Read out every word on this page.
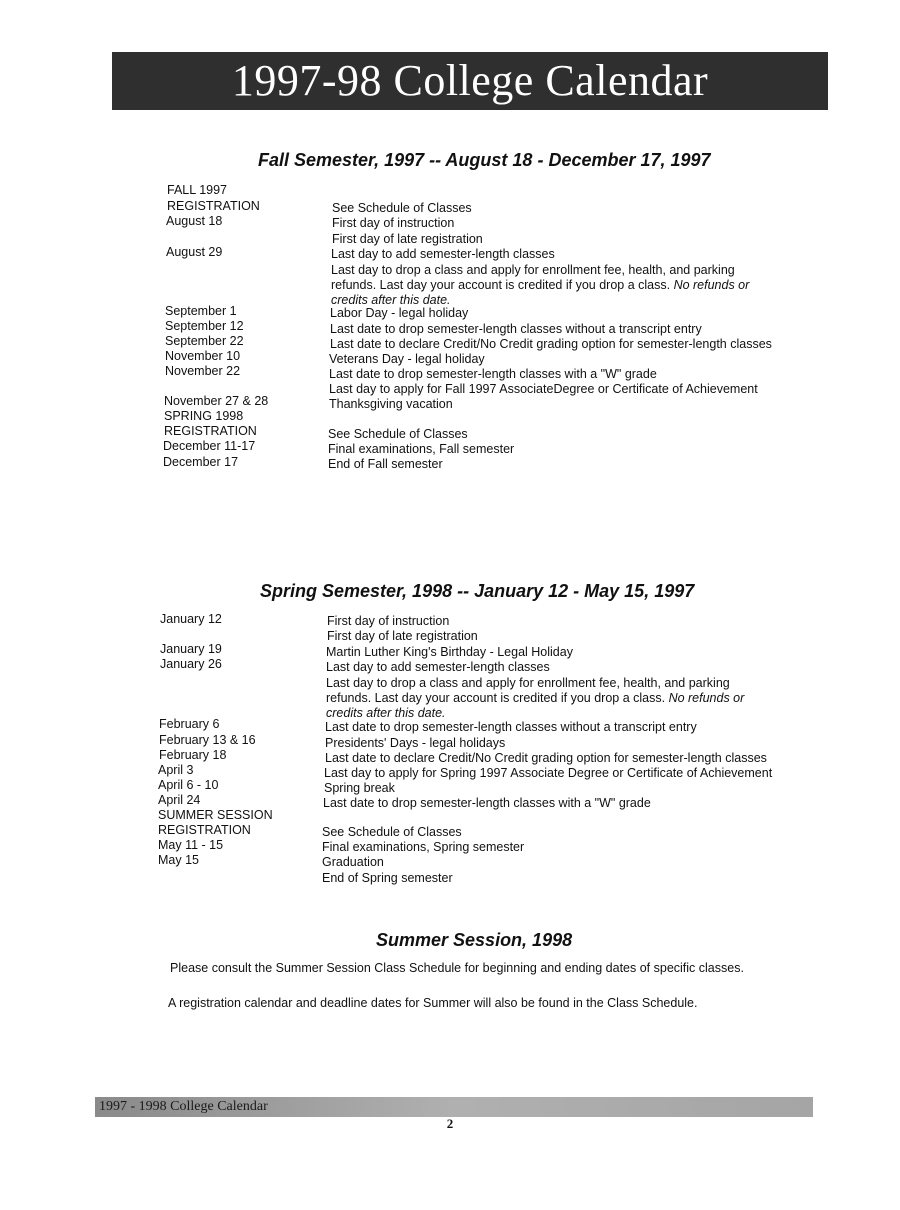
1997-98 College Calendar
Fall Semester, 1997 -- August 18 - December 17, 1997
FALL 1997
REGISTRATION
August 18
August 29
September 1
September 12
September 22
November 10
November 22
November 27 & 28
SPRING 1998
REGISTRATION
December 11-17
December 17
See Schedule of Classes
First day of instruction
First day of late registration
Last day to add semester-length classes
Last day to drop a class and apply for enrollment fee, health, and parking refunds. Last day your account is credited if you drop a class. No refunds or credits after this date.
Labor Day - legal holiday
Last date to drop semester-length classes without a transcript entry
Last date to declare Credit/No Credit grading option for semester-length classes
Veterans Day - legal holiday
Last date to drop semester-length classes with a "W" grade
Last day to apply for Fall 1997 AssociateDegree or Certificate of Achievement
Thanksgiving vacation
See Schedule of Classes
Final examinations, Fall semester
End of Fall semester
Spring Semester, 1998 -- January 12 - May 15, 1997
January 12
January 19
January 26
February 6
February 13 & 16
February 18
April 3
April 6 - 10
April 24
SUMMER SESSION
REGISTRATION
May 11 - 15
May 15
First day of instruction
First day of late registration
Martin Luther King's Birthday - Legal Holiday
Last day to add semester-length classes
Last day to drop a class and apply for enrollment fee, health, and parking refunds. Last day your account is credited if you drop a class. No refunds or credits after this date.
Last date to drop semester-length classes without a transcript entry
Presidents' Days - legal holidays
Last date to declare Credit/No Credit grading option for semester-length classes
Last day to apply for Spring 1997 Associate Degree or Certificate of Achievement
Spring break
Last date to drop semester-length classes with a "W" grade
See Schedule of Classes
Final examinations, Spring semester
Graduation
End of Spring semester
Summer Session, 1998
Please consult the Summer Session Class Schedule for beginning and ending dates of specific classes.
A registration calendar and deadline dates for Summer will also be found in the Class Schedule.
1997 - 1998 College Calendar
2
